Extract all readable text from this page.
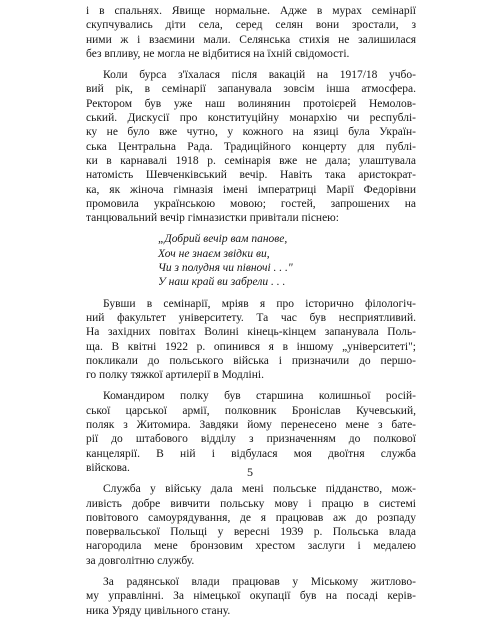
і в спальнях. Явище нормальне. Адже в мурах семінарії
скупчувались діти села, серед селян вони зростали, з
ними ж і взаємини мали. Селянська стихія не залишилася
без впливу, не могла не відбитися на їхній свідомості.
Коли бурса з'їхалася після вакацій на 1917/18 учбо-
вий рік, в семінарії запанувала зовсім інша атмосфера.
Ректором був уже наш волинянин протоієрей Немолов-
ський. Дискусії про конституційну монархію чи республі-
ку не було вже чутно, у кожного на язиці була Україн-
ська Центральна Рада. Традиційного концерту для публі-
ки в карнавалі 1918 р. семінарія вже не дала; улаштувала
натомість Шевченківський вечір. Навіть така аристократ-
ка, як жіноча гімназія імені імператриці Марії Федорівни
промовила українською мовою; гостей, запрошених на
танцювальний вечір гімназистки привітали піснею:
„Добрий вечір вам панове,
Хоч не знаєм звідки ви,
Чи з полудня чи півночі . . ."
У наш край ви забрели . . .
Бувши в семінарії, мріяв я про історично філологіч-
ний факультет університету. Та час був несприятливий.
На західних повітах Волині кінець-кінцем запанувала Поль-
ща. В квітні 1922 р. опинився я в іншому „університеті";
покликали до польського війська і призначили до першо-
го полку тяжкої артилерії в Модліні.
Командиром полку був старшина колишньої росій-
ської царської армії, полковник Броніслав Кучевський,
поляк з Житомира. Завдяки йому перенесено мене з бате-
рії до штабового відділу з призначенням до полкової
канцелярії. В ній і відбулася моя двоїтня служба
війскова.
Служба у війську дала мені польське підданство, мож-
ливість добре вивчити польську мову і працю в системі
повітового самоурядування, де я працював аж до розпаду
повервальської Польщі у вересні 1939 р. Польська влада
нагородила мене бронзовим хрестом заслуги і медалею
за довголітню службу.
За радянської влади працював у Міському житлово-
му управлінні. За німецької окупації був на посаді керів-
ника Уряду цивільного стану.
5
